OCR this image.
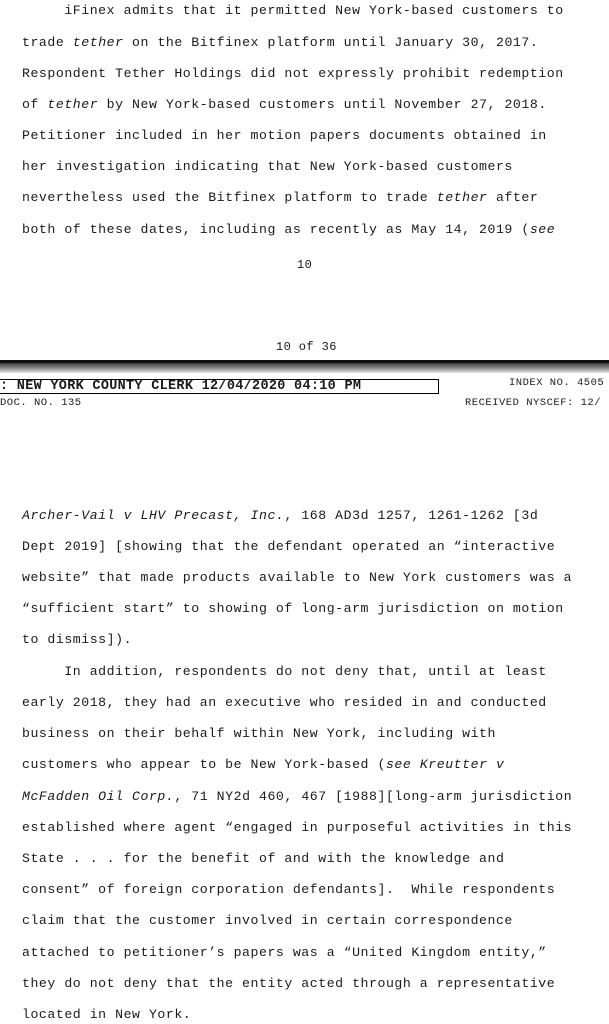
iFinex admits that it permitted New York-based customers to
trade tether on the Bitfinex platform until January 30, 2017.
Respondent Tether Holdings did not expressly prohibit redemption
of tether by New York-based customers until November 27, 2018.
Petitioner included in her motion papers documents obtained in
her investigation indicating that New York-based customers
nevertheless used the Bitfinex platform to trade tether after
both of these dates, including as recently as May 14, 2019 (see
10
10 of 36
: NEW YORK COUNTY CLERK 12/04/2020 04:10 PM	INDEX NO. 4505
DOC. NO. 135	RECEIVED NYSCEF: 12/
Archer-Vail v LHV Precast, Inc., 168 AD3d 1257, 1261-1262 [3d
Dept 2019] [showing that the defendant operated an “interactive
website” that made products available to New York customers was a
“sufficient start” to showing of long-arm jurisdiction on motion
to dismiss]).
In addition, respondents do not deny that, until at least
early 2018, they had an executive who resided in and conducted
business on their behalf within New York, including with
customers who appear to be New York-based (see Kreutter v
McFadden Oil Corp., 71 NY2d 460, 467 [1988][long-arm jurisdiction
established where agent “engaged in purposeful activities in this
State . . . for the benefit of and with the knowledge and
consent” of foreign corporation defendants].  While respondents
claim that the customer involved in certain correspondence
attached to petitioner’s papers was a “United Kingdom entity,”
they do not deny that the entity acted through a representative
located in New York.
